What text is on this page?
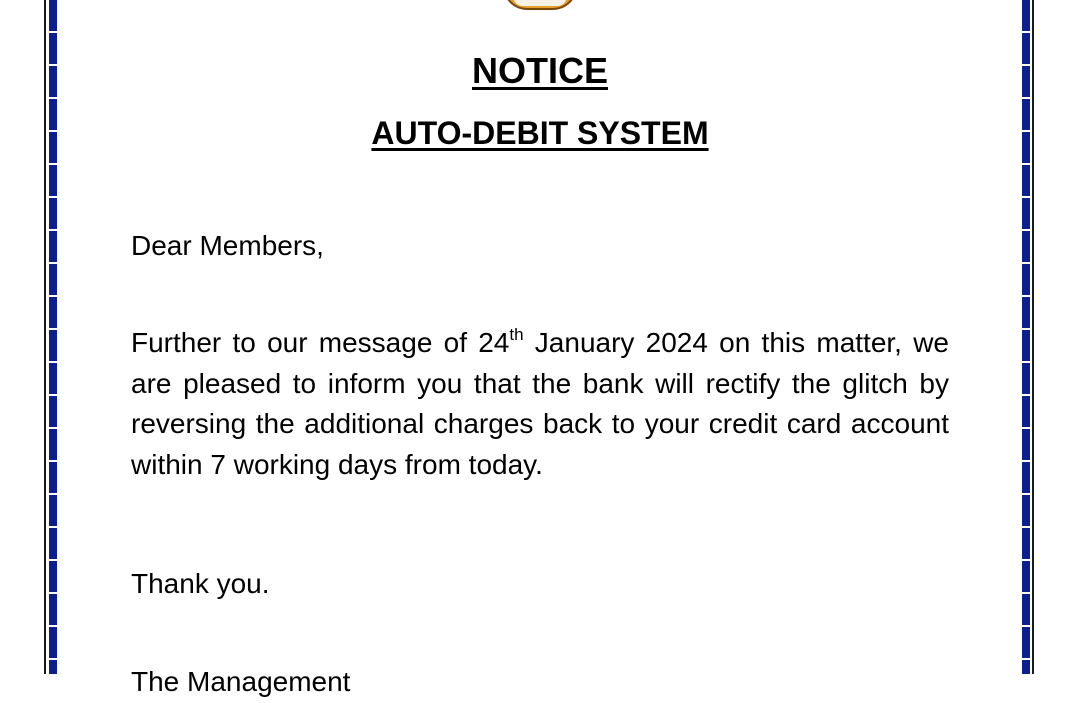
NOTICE
AUTO-DEBIT SYSTEM
Dear Members,
Further to our message of 24th January 2024 on this matter, we are pleased to inform you that the bank will rectify the glitch by reversing the additional charges back to your credit card account within 7 working days from today.
Thank you.
The Management
